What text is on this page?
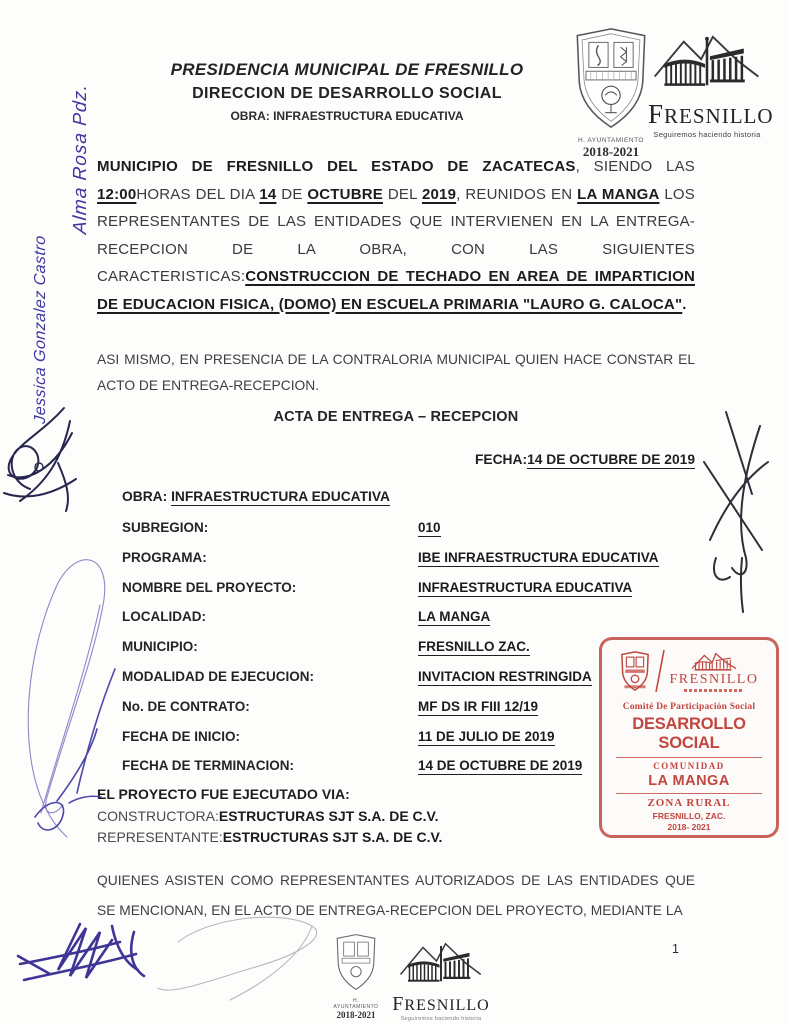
H. AYUNTAMIENTO
2018-2021
FRESNILLO
Seguiremos haciendo historia
PRESIDENCIA MUNICIPAL DE FRESNILLO
DIRECCION DE DESARROLLO SOCIAL
OBRA: INFRAESTRUCTURA EDUCATIVA

MUNICIPIO DE FRESNILLO DEL ESTADO DE ZACATECAS, SIENDO LAS 12:00HORAS DEL DIA 14 DE OCTUBRE DEL 2019, REUNIDOS EN LA MANGA LOS REPRESENTANTES DE LAS ENTIDADES QUE INTERVIENEN EN LA ENTREGA-RECEPCION DE LA OBRA, CON LAS SIGUIENTES CARACTERISTICAS:CONSTRUCCION DE TECHADO EN AREA DE IMPARTICION DE EDUCACION FISICA, (DOMO) EN ESCUELA PRIMARIA "LAURO G. CALOCA".

ASI MISMO, EN PRESENCIA DE LA CONTRALORIA MUNICIPAL QUIEN HACE CONSTAR EL ACTO DE ENTREGA-RECEPCION.

ACTA DE ENTREGA – RECEPCION
FECHA:14 DE OCTUBRE DE 2019
OBRA: INFRAESTRUCTURA EDUCATIVA
SUBREGION:	010
PROGRAMA:	IBE INFRAESTRUCTURA EDUCATIVA
NOMBRE DEL PROYECTO:	INFRAESTRUCTURA EDUCATIVA
LOCALIDAD:	LA MANGA
MUNICIPIO:	FRESNILLO ZAC.
MODALIDAD DE EJECUCION:	INVITACION RESTRINGIDA
No. DE CONTRATO:	MF DS IR FIII 12/19
FECHA DE INICIO:	11 DE JULIO DE 2019
FECHA DE TERMINACION:	14 DE OCTUBRE DE 2019
EL PROYECTO FUE EJECUTADO VIA:
CONSTRUCTORA:ESTRUCTURAS SJT S.A. DE C.V.
REPRESENTANTE:ESTRUCTURAS SJT S.A. DE C.V.

QUIENES ASISTEN COMO REPRESENTANTES AUTORIZADOS DE LAS ENTIDADES QUE SE MENCIONAN, EN EL ACTO DE ENTREGA-RECEPCION DEL PROYECTO, MEDIANTE LA

FRESNILLO
Comité De Participación Social
DESARROLLO SOCIAL
COMUNIDAD
LA MANGA
ZONA RURAL
FRESNILLO, ZAC.
2018- 2021
Alma Rosa Pdz.
Jessica Gonzalez Castro
H. AYUNTAMIENTO
2018-2021 FRESNILLO
Seguiremos haciendo historia
1
